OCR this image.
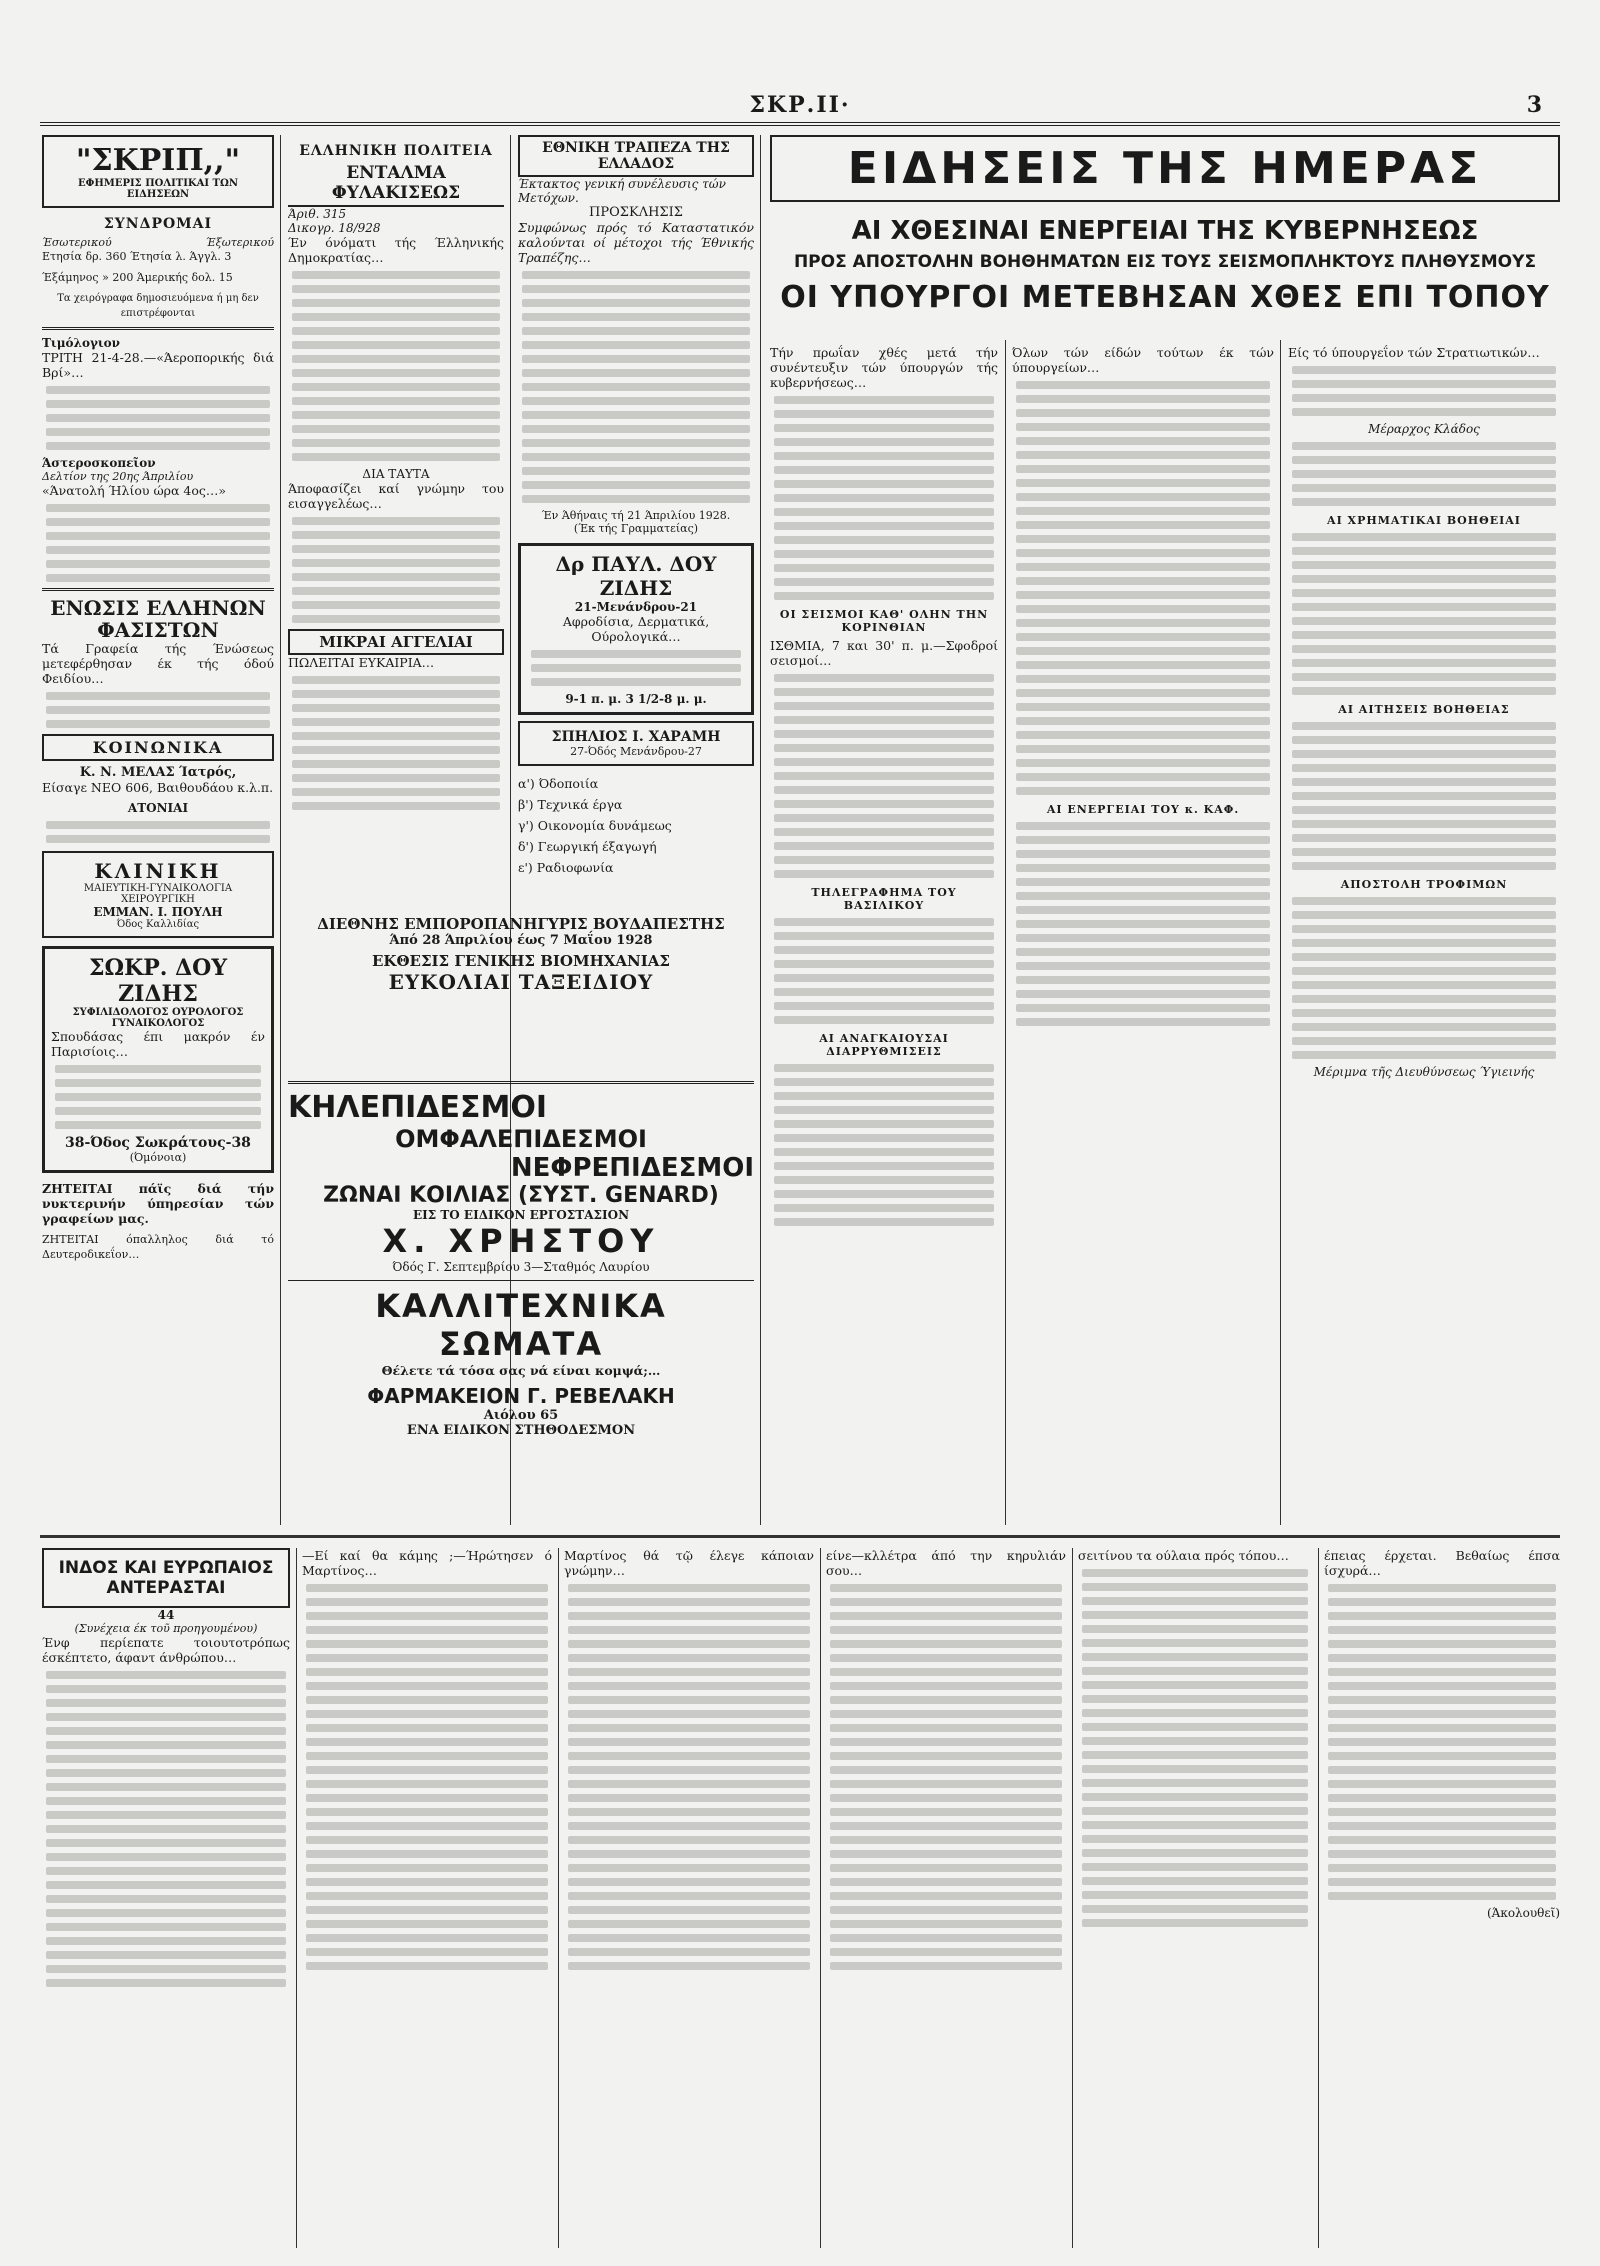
ΣΚΡ.ΙΙ·	3
"ΣΚΡΙΠ,,"
ΕΦΗΜΕΡΙΣ ΠΟΛΙΤΙΚΑΙ ΤΩΝ ΕΙΔΗΣΕΩΝ
ΣΥΝΔΡΟΜΑΙ
Έσωτερικού	Έξωτερικού

Ετησία δρ. 360 Έτησία λ. Άγγλ. 3

Έξάμηνος » 200 Άμερικής δολ. 15

Τα χειρόγραφα δημοσιευόμενα ή μη δεν επιστρέφονται

Τιμόλογιον

ΤΡΙΤΗ 21-4-28.—«Άεροπορικής διά Βρί»…

Άστεροσκοπεῖον
Δελτίον της 20ης Άπριλίου

«Άνατολή Ήλίου ώρα 4ος…»

ΕΝΩΣΙΣ ΕΛΛΗΝΩΝ ΦΑΣΙΣΤΩΝ

Τά Γραφεία τής Ένώσεως μετεφέρθησαν έκ τής όδού Φειδίου…

ΚΟΙΝΩΝΙΚΑ
Κ. Ν. ΜΕΛΑΣ Ίατρός,

Είσαγε ΝΕΟ 606, Βαιθουδάου κ.λ.π.

ΑΤΟΝΙΑΙ
ΚΛΙΝΙΚΗ
ΜΑΙΕΥΤΙΚΗ-ΓΥΝΑΙΚΟΛΟΓΙΑ ΧΕΙΡΟΥΡΓΙΚΗ
ΕΜΜΑΝ. Ι. ΠΟΥΛΗ
Όδος Καλλιδίας
ΣΩΚΡ. ΔΟΥ ΖΙΔΗΣ
ΣΥΦΙΛΙΔΟΛΟΓΟΣ ΟΥΡΟΛΟΓΟΣ ΓΥΝΑΙΚΟΛΟΓΟΣ

Σπουδάσας έπι μακρόν έν Παρισίοις…

38-Όδος Σωκράτους-38
(Όμόνοια)

ΖΗΤΕΙΤΑΙ πάϊς διά τήν νυκτερινήν ύπηρεσίαν τών γραφείων μας.

ΖΗΤΕΙΤΑΙ όπαλληλος διά τό Δευτεροδικεΐον…

ΕΛΛΗΝΙΚΗ ΠΟΛΙΤΕΙΑ
ΕΝΤΑΛΜΑ ΦΥΛΑΚΙΣΕΩΣ
Άριθ. 315
Δικογρ. 18/928

Έν όνόματι τής Έλληνικής Δημοκρατίας…

ΔΙΑ ΤΑΥΤΑ

Άποφασίζει καί γνώμην του εισαγγελέως…

ΜΙΚΡΑΙ ΑΓΓΕΛΙΑΙ

ΠΩΛΕΙΤΑΙ ΕΥΚΑΙΡΙΑ…

ΕΘΝΙΚΗ ΤΡΑΠΕΖΑ ΤΗΣ ΕΛΛΑΔΟΣ
Έκτακτος γενική συνέλευσις τών Μετόχων.
ΠΡΟΣΚΛΗΣΙΣ

Συμφώνως πρός τό Καταστατικόν καλούνται οί μέτοχοι τής Έθνικής Τραπέζης…

Έν Άθήναις τή 21 Άπριλίου 1928.
(Έκ τής Γραμματείας)
Δρ ΠΑΥΛ. ΔΟΥ ΖΙΔΗΣ
21-Μενάνδρου-21

Αφροδίσια, Δερματικά, Ούρολογικά…

9-1 π. μ. 3 1/2-8 μ. μ.
ΣΠΗΛΙΟΣ Ι. ΧΑΡΑΜΗ
27-Όδός Μενάνδρου-27
α') Όδοποιία
β') Τεχνικά έργα
γ') Οικονομία δυνάμεως
δ') Γεωργική έξαγωγή
ε') Ραδιοφωνία
ΔΙΕΘΝΗΣ ΕΜΠΟΡΟΠΑΝΗΓΥΡΙΣ ΒΟΥΔΑΠΕΣΤΗΣ
Άπό 28 Άπριλίου έως 7 Μαΐου 1928
ΕΚΘΕΣΙΣ ΓΕΝΙΚΗΣ ΒΙΟΜΗΧΑΝΙΑΣ
ΕΥΚΟΛΙΑΙ ΤΑΞΕΙΔΙΟΥ
ΕΙΔΗΣΕΙΣ ΤΗΣ ΗΜΕΡΑΣ
ΑΙ ΧΘΕΣΙΝΑΙ ΕΝΕΡΓΕΙΑΙ ΤΗΣ ΚΥΒΕΡΝΗΣΕΩΣ
ΠΡΟΣ ΑΠΟΣΤΟΛΗΝ ΒΟΗΘΗΜΑΤΩΝ ΕΙΣ ΤΟΥΣ ΣΕΙΣΜΟΠΛΗΚΤΟΥΣ ΠΛΗΘΥΣΜΟΥΣ
ΟΙ ΥΠΟΥΡΓΟΙ ΜΕΤΕΒΗΣΑΝ ΧΘΕΣ ΕΠΙ ΤΟΠΟΥ

Τήν πρωΐαν χθές μετά τήν συνέντευξιν τών ύπουργών τής κυβερνήσεως…

ΟΙ ΣΕΙΣΜΟΙ ΚΑΘ' ΟΛΗΝ ΤΗΝ ΚΟΡΙΝΘΙΑΝ

ΙΣΘΜΙΑ, 7 και 30' π. μ.—Σφοδροί σεισμοί…

ΤΗΛΕΓΡΑΦΗΜΑ ΤΟΥ ΒΑΣΙΛΙΚΟΥ
ΑΙ ΑΝΑΓΚΑΙΟΥΣΑΙ ΔΙΑΡΡΥΘΜΙΣΕΙΣ

Όλων τών είδών τούτων έκ τών ύπουργείων…

ΑΙ ΕΝΕΡΓΕΙΑΙ ΤΟΥ κ. ΚΑΦ.

Είς τό ύπουργεΐον τών Στρατιωτικών…

Μέραρχος Κλάδος
ΑΙ ΧΡΗΜΑΤΙΚΑΙ ΒΟΗΘΕΙΑΙ
ΑΙ ΑΙΤΗΣΕΙΣ ΒΟΗΘΕΙΑΣ
ΑΠΟΣΤΟΛΗ ΤΡΟΦΙΜΩΝ
Μέριμνα τῆς Διευθύνσεως Ύγιεινής
ΚΗΛΕΠΙΔΕΣΜΟΙ
ΟΜΦΑΛΕΠΙΔΕΣΜΟΙ
ΝΕΦΡΕΠΙΔΕΣΜΟΙ
ΖΩΝΑΙ ΚΟΙΛΙΑΣ (ΣΥΣΤ. GENARD)
ΕΙΣ ΤΟ ΕΙΔΙΚΟΝ ΕΡΓΟΣΤΑΣΙΟΝ
Χ. ΧΡΗΣΤΟΥ
Όδός Γ. Σεπτεμβρίου 3—Σταθμός Λαυρίου
ΚΑΛΛΙΤΕΧΝΙΚΑ ΣΩΜΑΤΑ

Θέλετε τά τόσα σας νά είναι κομψά;…

ΦΑΡΜΑΚΕΙΟΝ Γ. ΡΕΒΕΛΑΚΗ
Αιόλου 65
ΕΝΑ ΕΙΔΙΚΟΝ ΣΤΗΘΟΔΕΣΜΟΝ
ΙΝΔΟΣ ΚΑΙ ΕΥΡΩΠΑΙΟΣ ΑΝΤΕΡΑΣΤΑΙ
44
(Συνέχεια έκ τοῦ προηγουμένου)

Ένφ περίεπατε τοιουτοτρόπως έσκέπτετο, άφαντ άνθρώπου…

—Εί καί θα κάμης ;—Ήρώτησεν ό Μαρτίνος…

Μαρτίνος θά τῷ έλεγε κάποιαν γνώμην…

είνε—κλλέτρα άπό την κηρυλιάν σου…

σειτίνου τα ούλαια πρός τόπου…	έπειας έρχεται. Βεθαίως έπσα ίσχυρά…

(Άκολουθεῖ)
